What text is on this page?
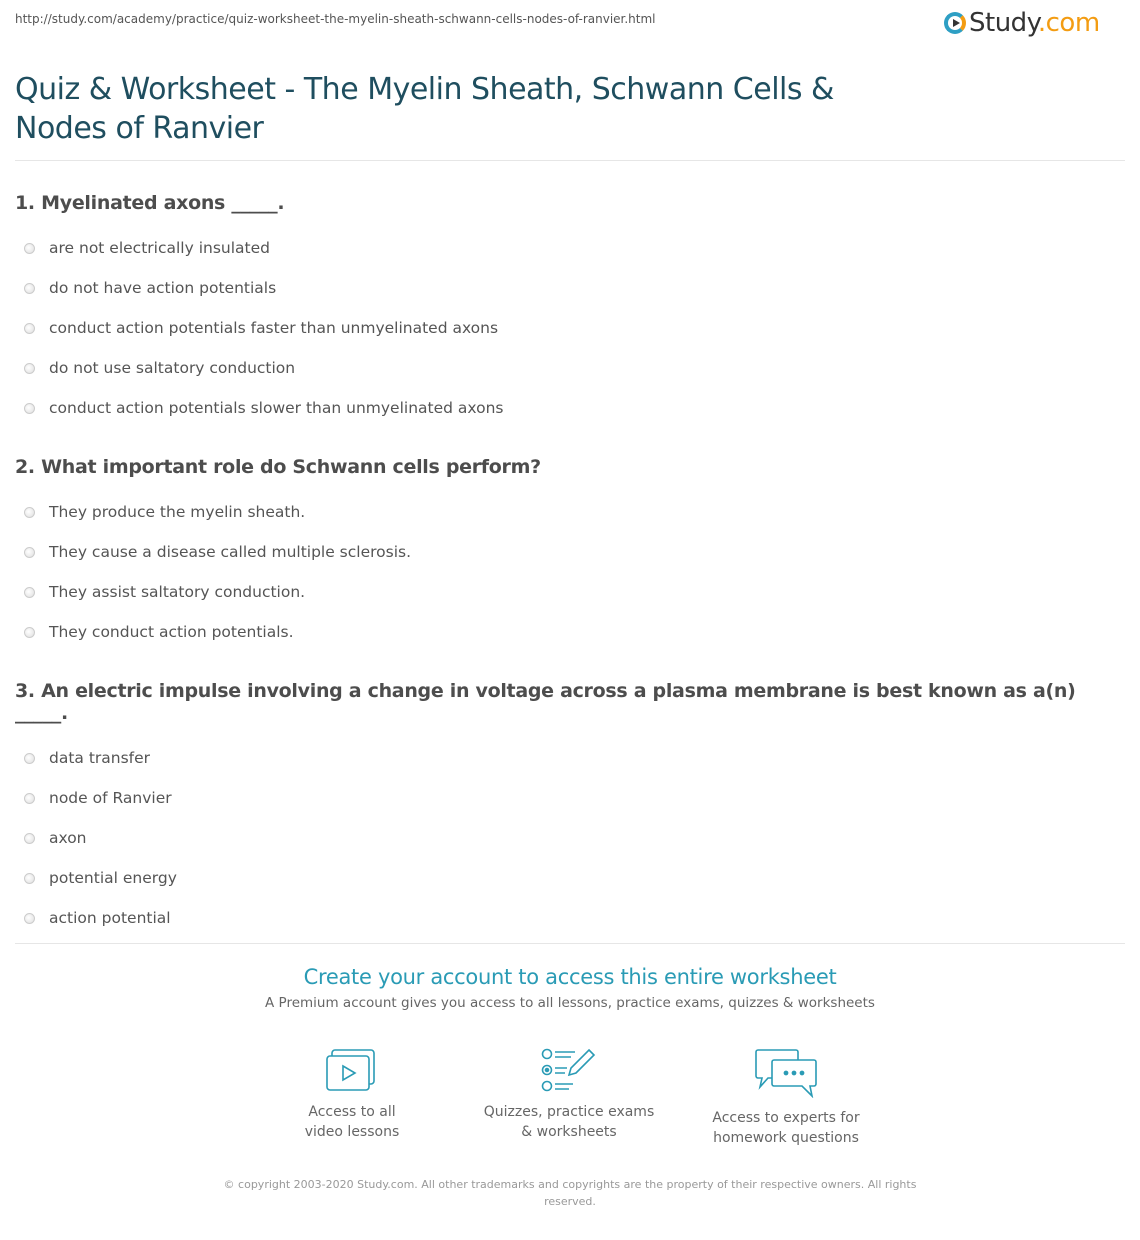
http://study.com/academy/practice/quiz-worksheet-the-myelin-sheath-schwann-cells-nodes-of-ranvier.html	Study.com
Quiz & Worksheet - The Myelin Sheath, Schwann Cells & Nodes of Ranvier
1. Myelinated axons _____.
are not electrically insulated
do not have action potentials
conduct action potentials faster than unmyelinated axons
do not use saltatory conduction
conduct action potentials slower than unmyelinated axons
2. What important role do Schwann cells perform?
They produce the myelin sheath.
They cause a disease called multiple sclerosis.
They assist saltatory conduction.
They conduct action potentials.
3. An electric impulse involving a change in voltage across a plasma membrane is best known as a(n) _____.
data transfer
node of Ranvier
axon
potential energy
action potential
Create your account to access this entire worksheet
A Premium account gives you access to all lessons, practice exams, quizzes & worksheets
Access to all
video lessons
Quizzes, practice exams
& worksheets
Access to experts for
homework questions
© copyright 2003-2020 Study.com. All other trademarks and copyrights are the property of their respective owners. All rights reserved.
